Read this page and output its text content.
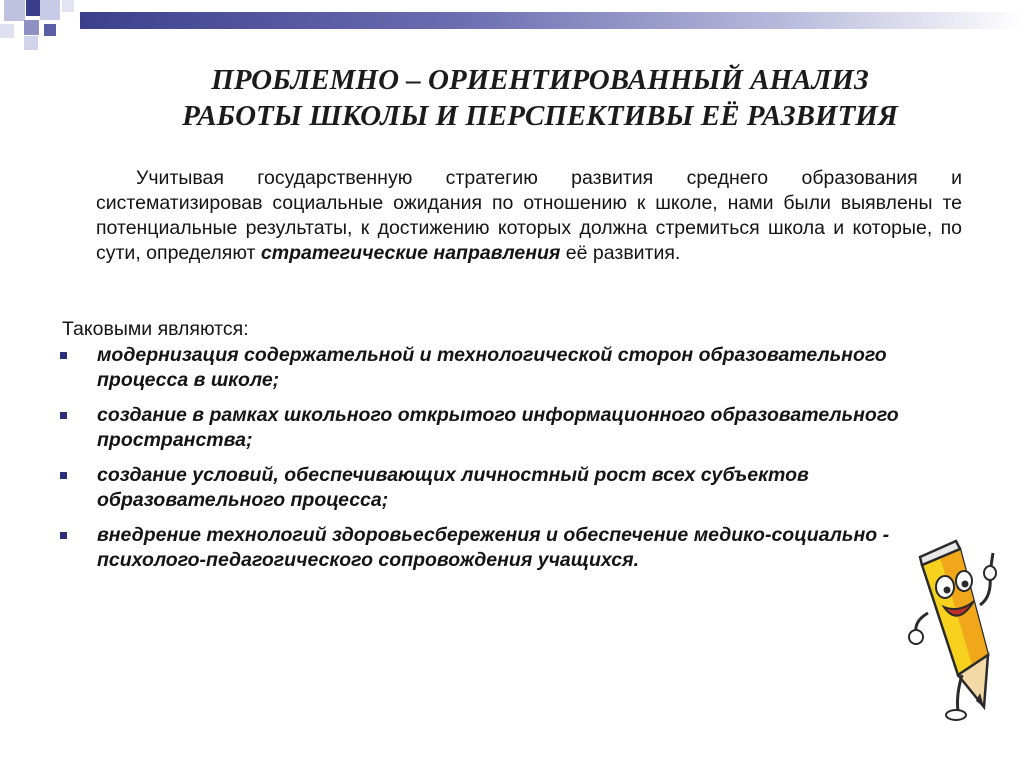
ПРОБЛЕМНО – ОРИЕНТИРОВАННЫЙ АНАЛИЗ
РАБОТЫ ШКОЛЫ И ПЕРСПЕКТИВЫ ЕЁ РАЗВИТИЯ

Учитывая государственную стратегию развития среднего образования и систематизировав социальные ожидания по отношению к школе, нами были выявлены те потенциальные результаты, к достижению которых должна стремиться школа и которые, по сути, определяют стратегические направления её развития.

Таковыми являются:
модернизация содержательной и технологической сторон образовательного процесса в школе;
создание в рамках школьного открытого информационного образовательного пространства;
создание условий, обеспечивающих личностный рост всех субъектов образовательного процесса;
внедрение технологий здоровьесбережения и обеспечение медико-социально - психолого-педагогического сопровождения учащихся.
